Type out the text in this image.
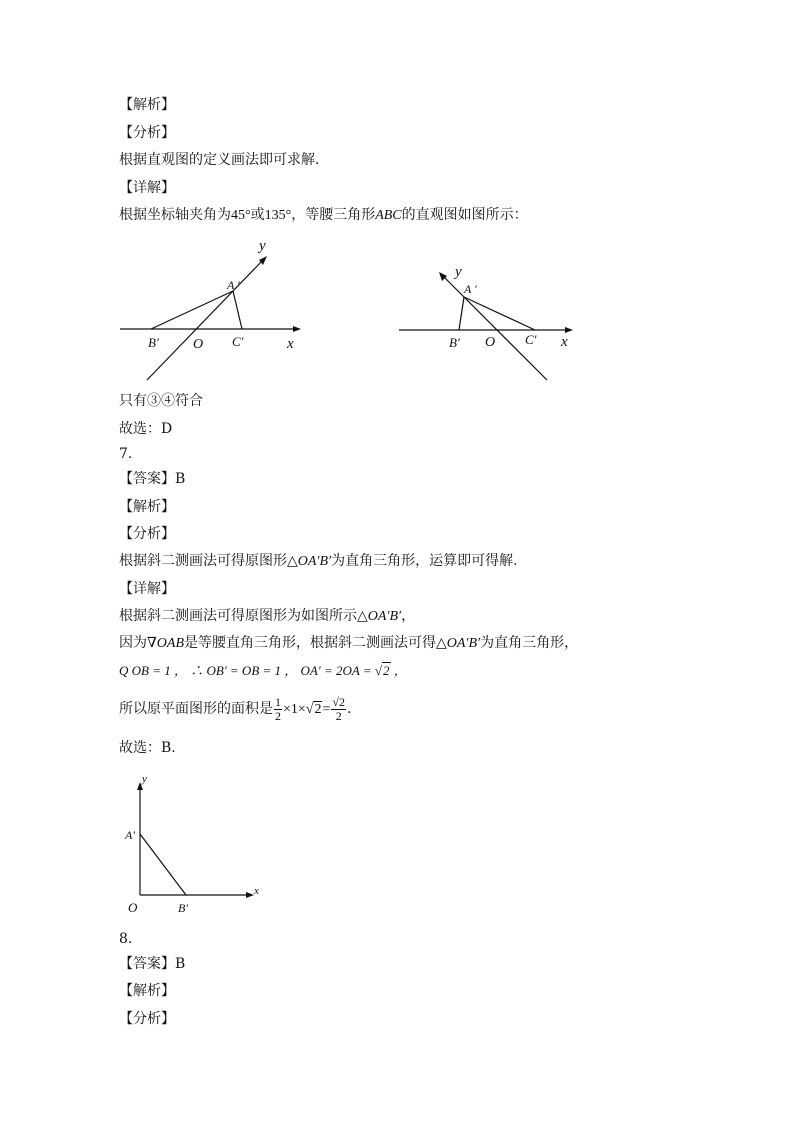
【解析】
【分析】
根据直观图的定义画法即可求解．
【详解】
根据坐标轴夹角为45°或135°，等腰三角形ABC的直观图如图所示：
y
A ′
B′ O C′	x
y
A ′
B′ O C′ x
只有③④符合
故选：D
7.
【答案】B
【解析】
【分析】
根据斜二测画法可得原图形△OA′B′为直角三角形，运算即可得解.
【详解】
根据斜二测画法可得原图形为如图所示△OA′B′，
因为∇OAB是等腰直角三角形，根据斜二测画法可得△OA′B′为直角三角形，
Q OB = 1 ， ∴ OB′ = OB = 1 ， OA′ = 2OA = √2 ，
所以原平面图形的面积是 $\frac{1}{2} \times 1\times√2= \frac{√2}{2}$ .
故选：B.
y
A′
O	B′
x
8.
【答案】B
【解析】
【分析】
